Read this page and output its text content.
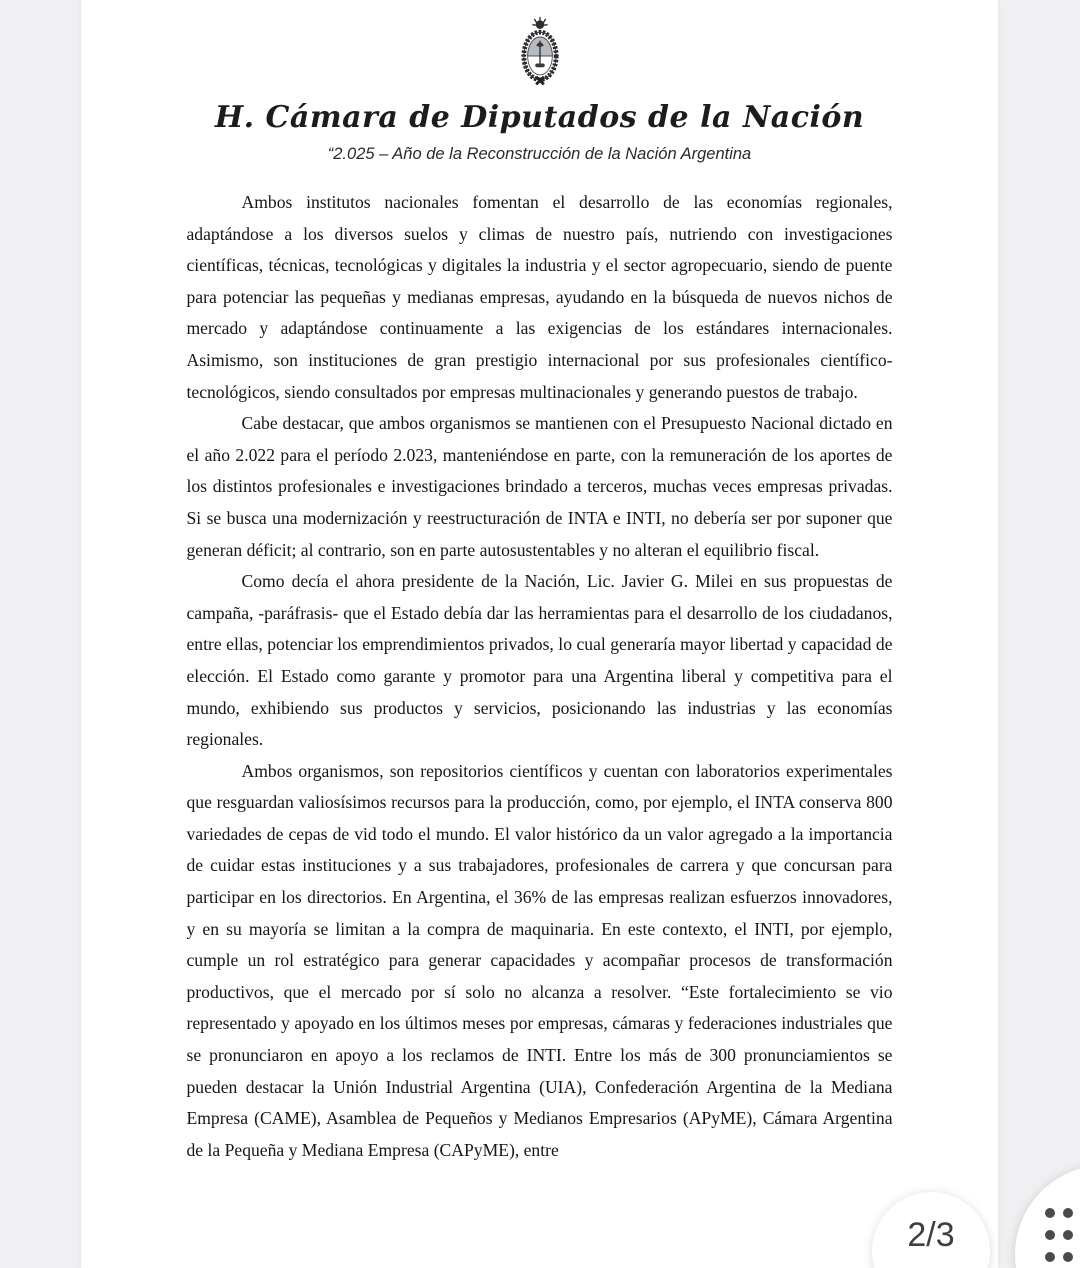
H. Cámara de Diputados de la Nación
“2.025 – Año de la Reconstrucción de la Nación Argentina

Ambos institutos nacionales fomentan el desarrollo de las economías regionales, adaptándose a los diversos suelos y climas de nuestro país, nutriendo con investigaciones científicas, técnicas, tecnológicas y digitales la industria y el sector agropecuario, siendo de puente para potenciar las pequeñas y medianas empresas, ayudando en la búsqueda de nuevos nichos de mercado y adaptándose continuamente a las exigencias de los estándares internacionales. Asimismo, son instituciones de gran prestigio internacional por sus profesionales científico- tecnológicos, siendo consultados por empresas multinacionales y generando puestos de trabajo.

Cabe destacar, que ambos organismos se mantienen con el Presupuesto Nacional dictado en el año 2.022 para el período 2.023, manteniéndose en parte, con la remuneración de los aportes de los distintos profesionales e investigaciones brindado a terceros, muchas veces empresas privadas. Si se busca una modernización y reestructuración de INTA e INTI, no debería ser por suponer que generan déficit; al contrario, son en parte autosustentables y no alteran el equilibrio fiscal.

Como decía el ahora presidente de la Nación, Lic. Javier G. Milei en sus propuestas de campaña, -paráfrasis- que el Estado debía dar las herramientas para el desarrollo de los ciudadanos, entre ellas, potenciar los emprendimientos privados, lo cual generaría mayor libertad y capacidad de elección. El Estado como garante y promotor para una Argentina liberal y competitiva para el mundo, exhibiendo sus productos y servicios, posicionando las industrias y las economías regionales.

Ambos organismos, son repositorios científicos y cuentan con laboratorios experimentales que resguardan valiosísimos recursos para la producción, como, por ejemplo, el INTA conserva 800 variedades de cepas de vid todo el mundo. El valor histórico da un valor agregado a la importancia de cuidar estas instituciones y a sus trabajadores, profesionales de carrera y que concursan para participar en los directorios. En Argentina, el 36% de las empresas realizan esfuerzos innovadores, y en su mayoría se limitan a la compra de maquinaria. En este contexto, el INTI, por ejemplo, cumple un rol estratégico para generar capacidades y acompañar procesos de transformación productivos, que el mercado por sí solo no alcanza a resolver. “Este fortalecimiento se vio representado y apoyado en los últimos meses por empresas, cámaras y federaciones industriales que se pronunciaron en apoyo a los reclamos de INTI. Entre los más de 300 pronunciamientos se pueden destacar la Unión Industrial Argentina (UIA), Confederación Argentina de la Mediana Empresa (CAME), Asamblea de Pequeños y Medianos Empresarios (APyME), Cámara Argentina de la Pequeña y Mediana Empresa (CAPyME), entre

2/3
